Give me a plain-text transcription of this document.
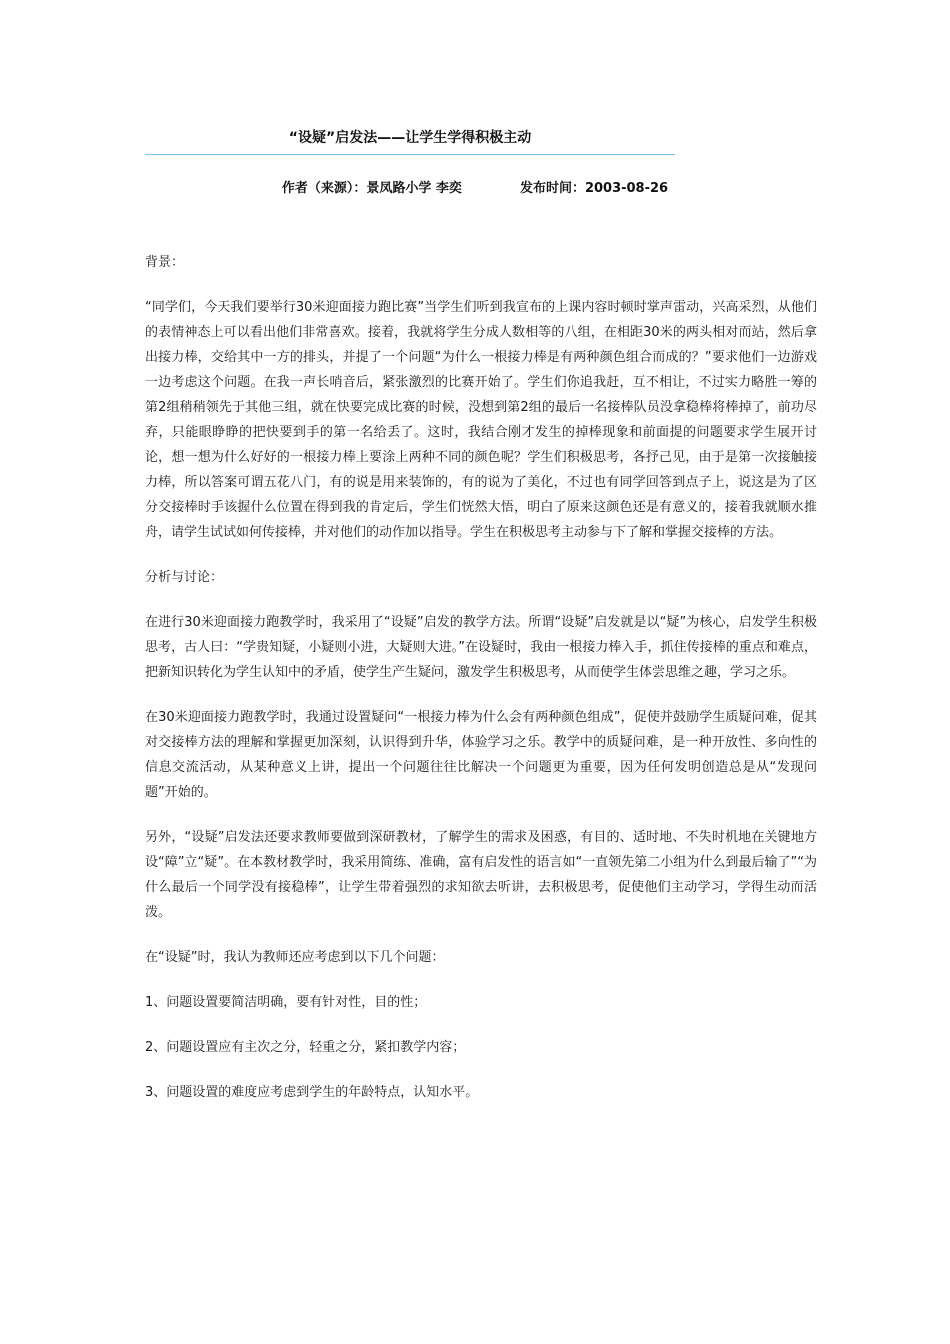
“设疑”启发法——让学生学得积极主动
作者（来源）：景凤路小学 李奕	发布时间：2003-08-26

背景：

“同学们，今天我们要举行30米迎面接力跑比赛”当学生们听到我宣布的上课内容时顿时掌声雷动，兴高采烈，从他们的表情神态上可以看出他们非常喜欢。接着，我就将学生分成人数相等的八组，在相距30米的两头相对而站，然后拿出接力棒，交给其中一方的排头，并提了一个问题“为什么一根接力棒是有两种颜色组合而成的？”要求他们一边游戏一边考虑这个问题。在我一声长哨音后，紧张激烈的比赛开始了。学生们你追我赶，互不相让，不过实力略胜一筹的第2组稍稍领先于其他三组，就在快要完成比赛的时候，没想到第2组的最后一名接棒队员没拿稳棒将棒掉了，前功尽弃，只能眼睁睁的把快要到手的第一名给丢了。这时，我结合刚才发生的掉棒现象和前面提的问题要求学生展开讨论，想一想为什么好好的一根接力棒上要涂上两种不同的颜色呢？学生们积极思考，各抒己见，由于是第一次接触接力棒，所以答案可谓五花八门，有的说是用来装饰的，有的说为了美化，不过也有同学回答到点子上，说这是为了区分交接棒时手该握什么位置在得到我的肯定后，学生们恍然大悟，明白了原来这颜色还是有意义的，接着我就顺水推舟，请学生试试如何传接棒，并对他们的动作加以指导。学生在积极思考主动参与下了解和掌握交接棒的方法。

分析与讨论：

在进行30米迎面接力跑教学时，我采用了“设疑”启发的教学方法。所谓“设疑”启发就是以“疑”为核心，启发学生积极思考，古人曰：“学贵知疑，小疑则小进，大疑则大进。”在设疑时，我由一根接力棒入手，抓住传接棒的重点和难点，把新知识转化为学生认知中的矛盾，使学生产生疑问，激发学生积极思考，从而使学生体尝思维之趣，学习之乐。

在30米迎面接力跑教学时，我通过设置疑问“一根接力棒为什么会有两种颜色组成”，促使并鼓励学生质疑问难，促其对交接棒方法的理解和掌握更加深刻，认识得到升华，体验学习之乐。教学中的质疑问难，是一种开放性、多向性的信息交流活动，从某种意义上讲，提出一个问题往往比解决一个问题更为重要，因为任何发明创造总是从“发现问题”开始的。

另外，“设疑”启发法还要求教师要做到深研教材，了解学生的需求及困惑，有目的、适时地、不失时机地在关键地方设“障”立“疑”。在本教材教学时，我采用简练、准确，富有启发性的语言如“一直领先第二小组为什么到最后输了”“为什么最后一个同学没有接稳棒”，让学生带着强烈的求知欲去听讲，去积极思考，促使他们主动学习，学得生动而活泼。

在“设疑”时，我认为教师还应考虑到以下几个问题：

1、问题设置要简洁明确，要有针对性，目的性；

2、问题设置应有主次之分，轻重之分，紧扣教学内容；

3、问题设置的难度应考虑到学生的年龄特点，认知水平。
